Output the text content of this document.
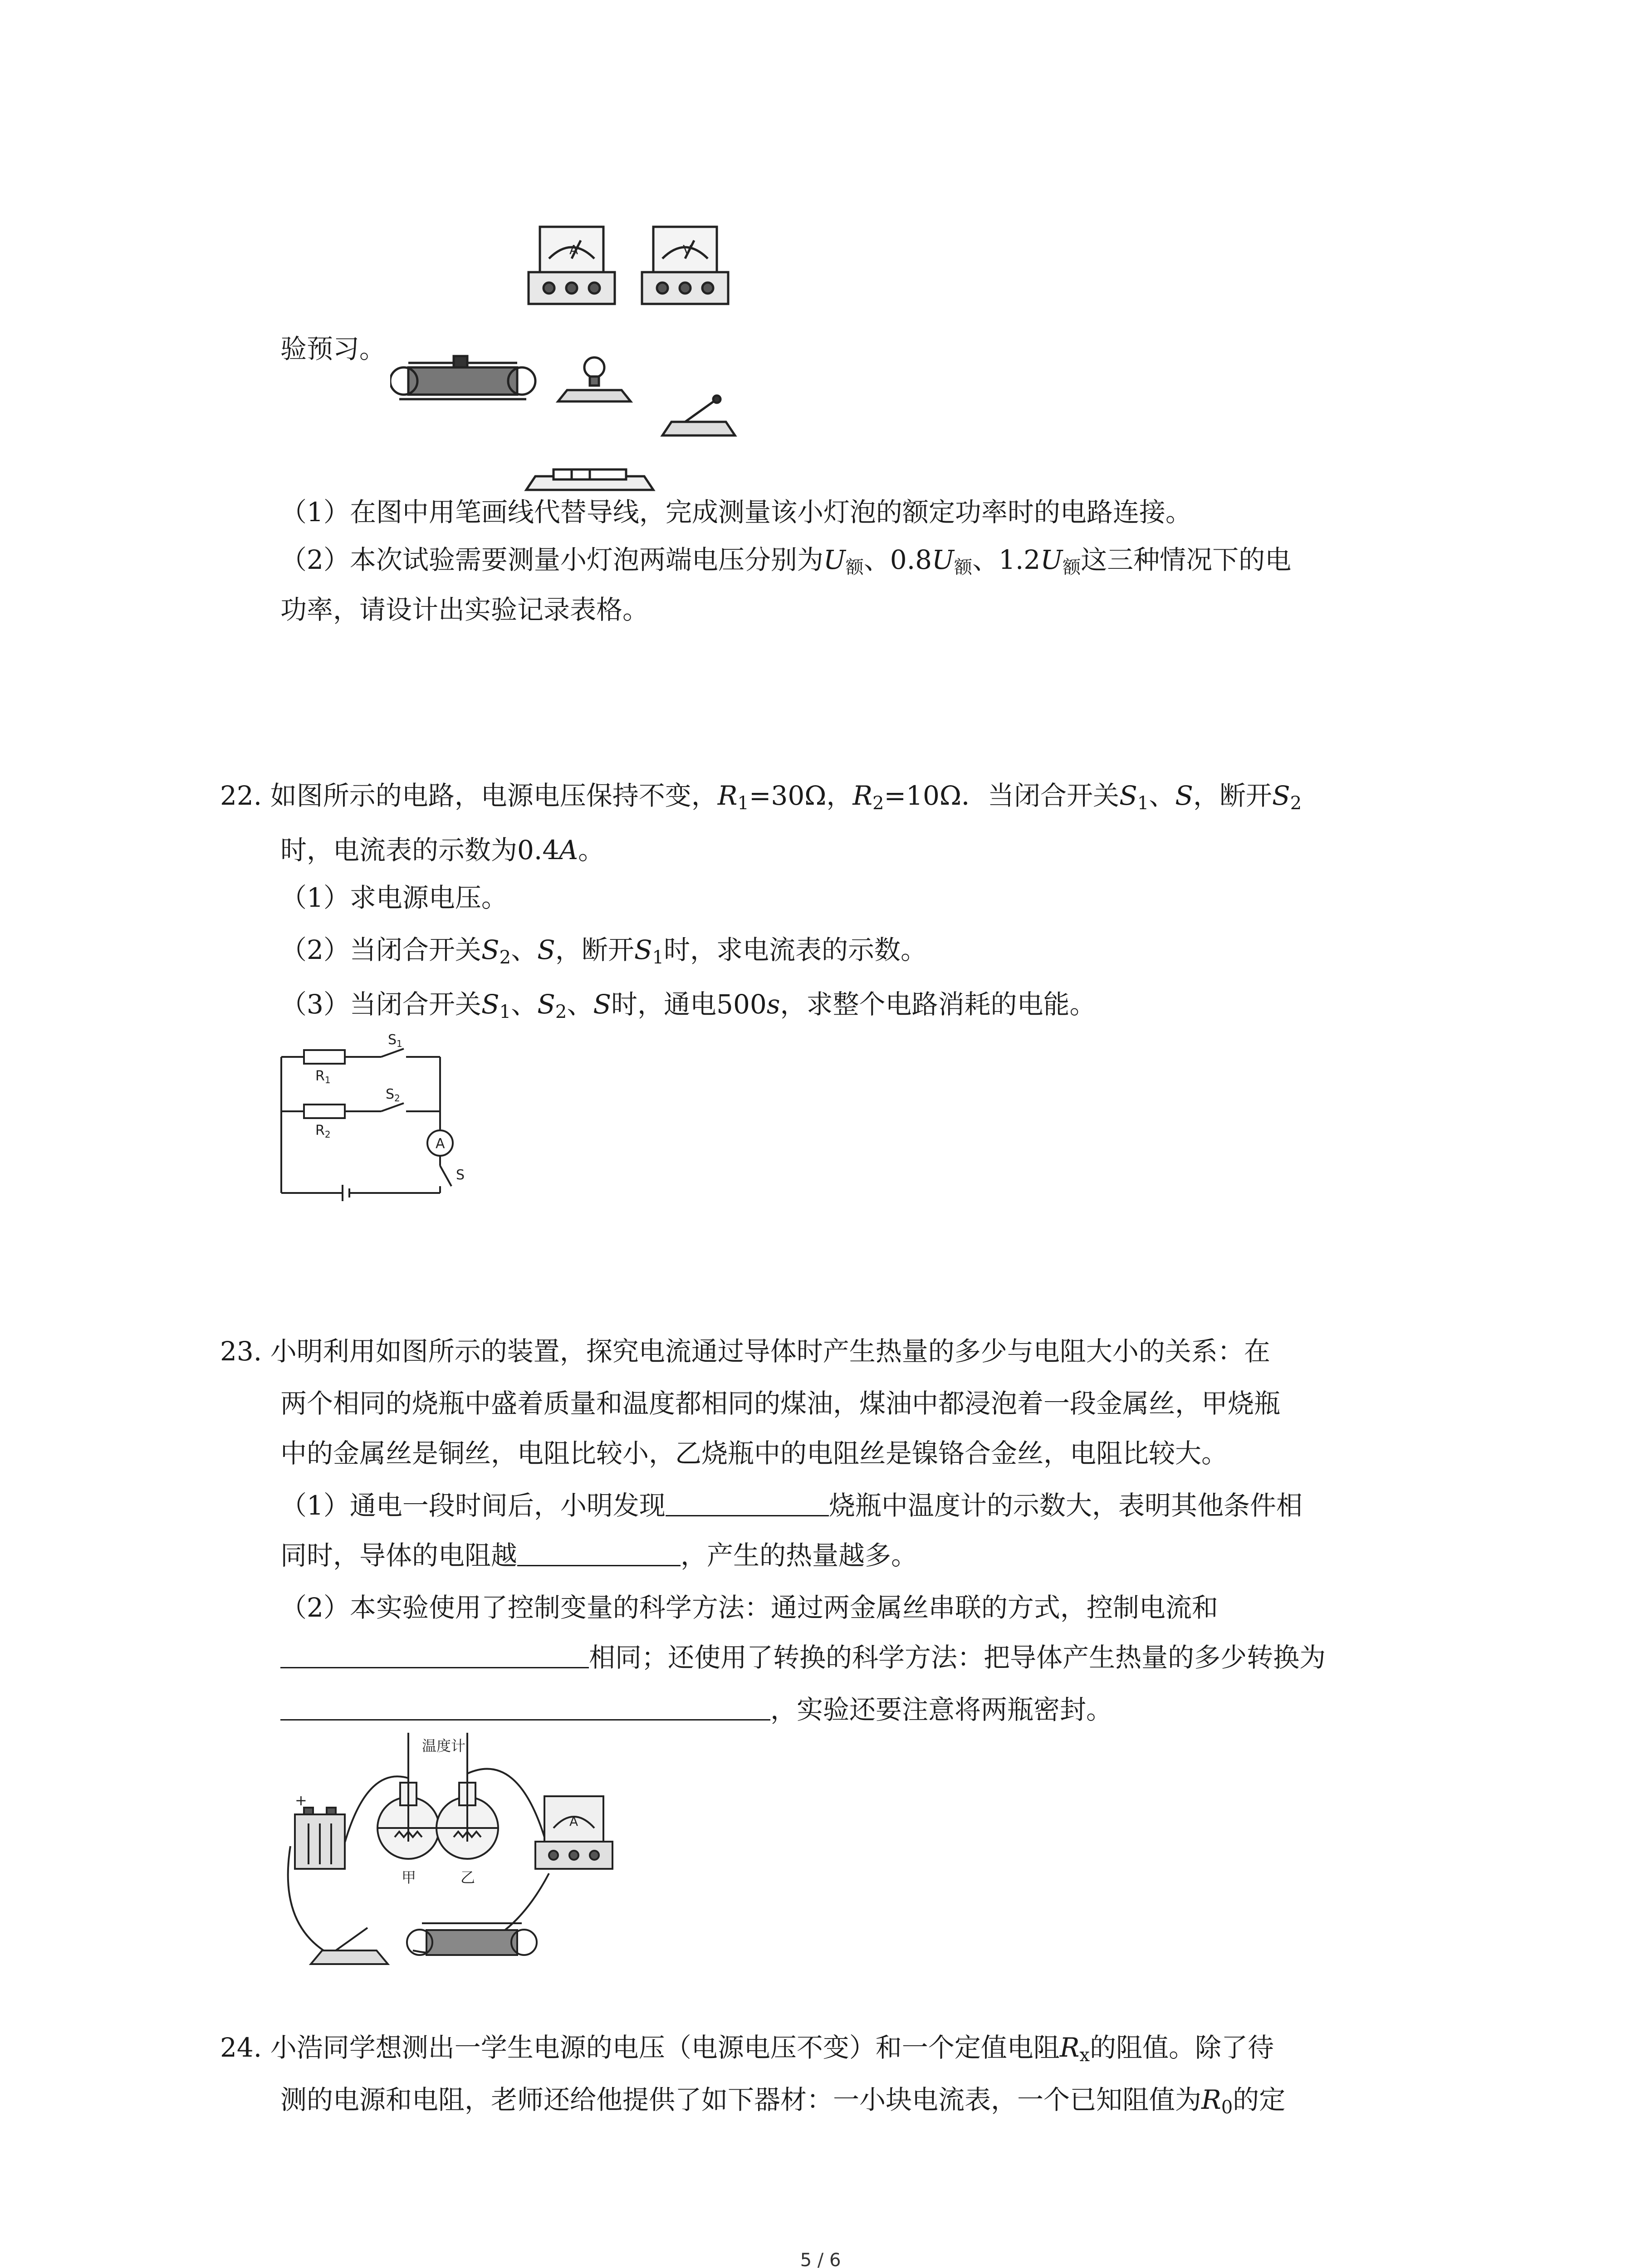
A	V
验预习。
（1）在图中用笔画线代替导线，完成测量该小灯泡的额定功率时的电路连接。
（2）本次试验需要测量小灯泡两端电压分别为$U_额$、$0.8U_额$、$1.2U_额$这三种情况下的电
功率，请设计出实验记录表格。
22. 如图所示的电路，电源电压保持不变，$R_1=30\Omega$，$R_2=10\Omega$．当闭合开关$S_1$、S，断开$S_2$
时，电流表的示数为0.4A。
（1）求电源电压。
（2）当闭合开关$S_2$、S，断开$S_1$时，求电流表的示数。
（3）当闭合开关$S_1$、$S_2$、S时，通电500s，求整个电路消耗的电能。
$R_1$
$R_2$
$S_1$
$S_2$
A
S
23. 小明利用如图所示的装置，探究电流通过导体时产生热量的多少与电阻大小的关系：在
两个相同的烧瓶中盛着质量和温度都相同的煤油，煤油中都浸泡着一段金属丝，甲烧瓶
中的金属丝是铜丝，电阻比较小，乙烧瓶中的电阻丝是镍铬合金丝，电阻比较大。
（1）通电一段时间后，小明发现	烧瓶中温度计的示数大，表明其他条件相
同时，导体的电阻越	，产生的热量越多。
（2）本实验使用了控制变量的科学方法：通过两金属丝串联的方式，控制电流和
相同；还使用了转换的科学方法：把导体产生热量的多少转换为
，实验还要注意将两瓶密封。
温度计
甲	乙
+
A
24. 小浩同学想测出一学生电源的电压（电源电压不变）和一个定值电阻$R_x$的阻值。除了待
测的电源和电阻，老师还给他提供了如下器材：一小块电流表，一个已知阻值为$R_0$的定
5 / 6
